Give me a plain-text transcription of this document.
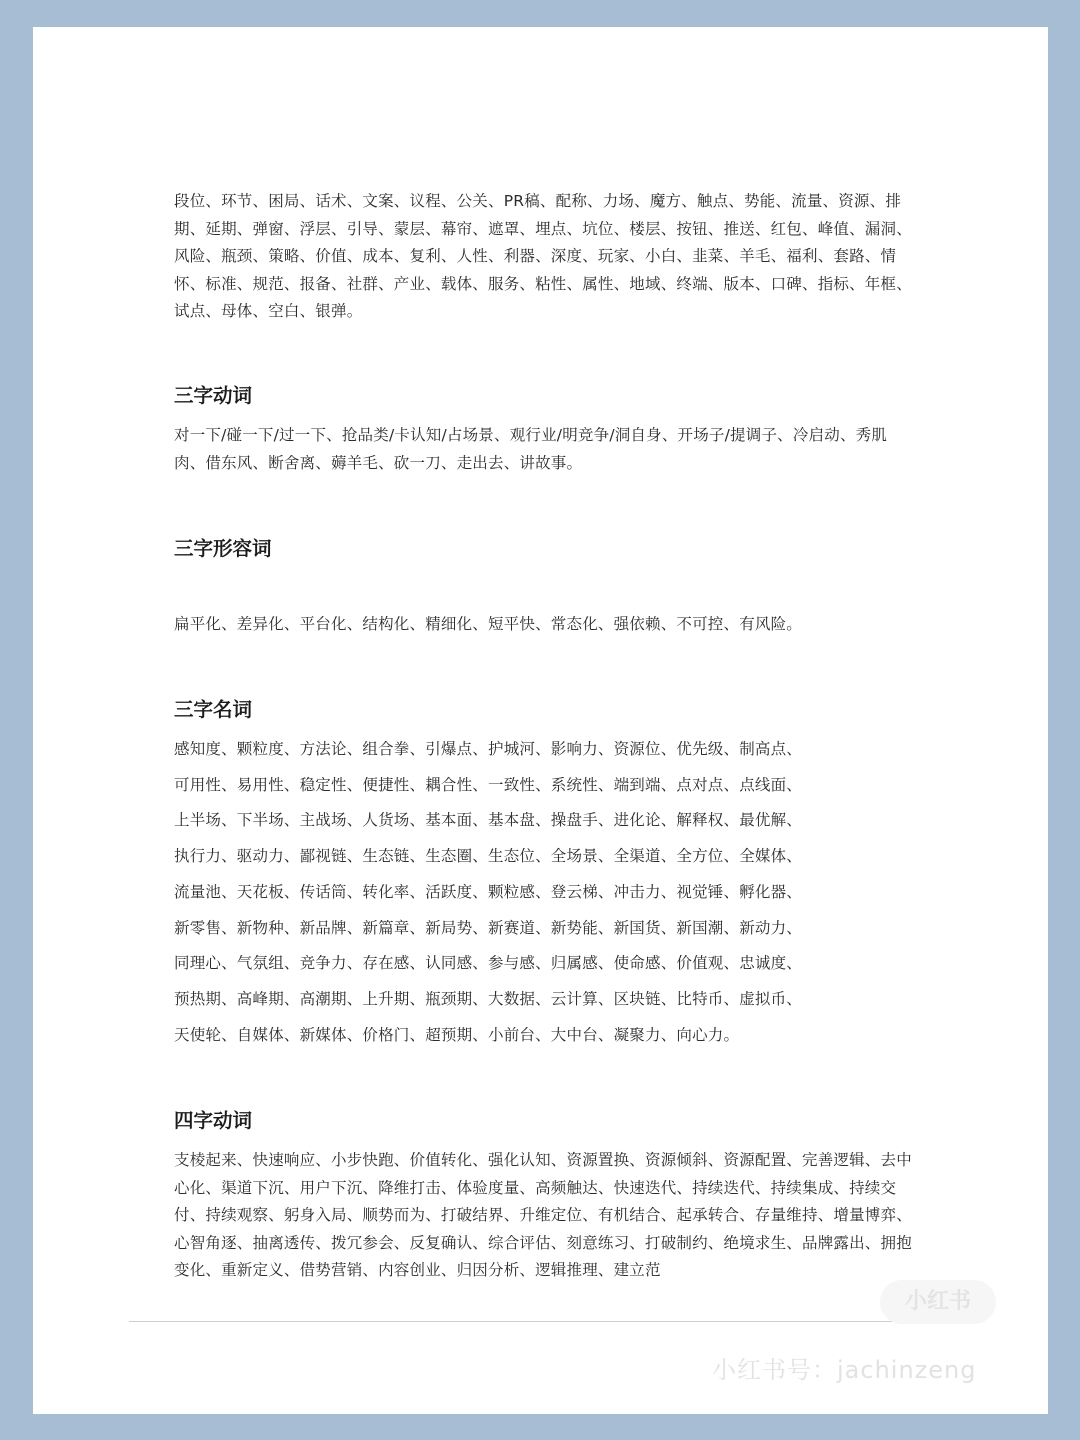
段位、环节、困局、话术、文案、议程、公关、PR稿、配称、力场、魔方、触点、势能、流量、资源、排期、延期、弹窗、浮层、引导、蒙层、幕帘、遮罩、埋点、坑位、楼层、按钮、推送、红包、峰值、漏洞、风险、瓶颈、策略、价值、成本、复利、人性、利器、深度、玩家、小白、韭菜、羊毛、福利、套路、情怀、标准、规范、报备、社群、产业、载体、服务、粘性、属性、地域、终端、版本、口碑、指标、年框、试点、母体、空白、银弹。

三字动词

对一下/碰一下/过一下、抢品类/卡认知/占场景、观行业/明竞争/洞自身、开场子/提调子、冷启动、秀肌肉、借东风、断舍离、薅羊毛、砍一刀、走出去、讲故事。

三字形容词

扁平化、差异化、平台化、结构化、精细化、短平快、常态化、强依赖、不可控、有风险。

三字名词
感知度、颗粒度、方法论、组合拳、引爆点、护城河、影响力、资源位、优先级、制高点、
可用性、易用性、稳定性、便捷性、耦合性、一致性、系统性、端到端、点对点、点线面、
上半场、下半场、主战场、人货场、基本面、基本盘、操盘手、进化论、解释权、最优解、
执行力、驱动力、鄙视链、生态链、生态圈、生态位、全场景、全渠道、全方位、全媒体、
流量池、天花板、传话筒、转化率、活跃度、颗粒感、登云梯、冲击力、视觉锤、孵化器、
新零售、新物种、新品牌、新篇章、新局势、新赛道、新势能、新国货、新国潮、新动力、
同理心、气氛组、竞争力、存在感、认同感、参与感、归属感、使命感、价值观、忠诚度、
预热期、高峰期、高潮期、上升期、瓶颈期、大数据、云计算、区块链、比特币、虚拟币、
天使轮、自媒体、新媒体、价格门、超预期、小前台、大中台、凝聚力、向心力。
四字动词

支棱起来、快速响应、小步快跑、价值转化、强化认知、资源置换、资源倾斜、资源配置、完善逻辑、去中心化、渠道下沉、用户下沉、降维打击、体验度量、高频触达、快速迭代、持续迭代、持续集成、持续交付、持续观察、躬身入局、顺势而为、打破结界、升维定位、有机结合、起承转合、存量维持、增量博弈、心智角逐、抽离透传、拨冗参会、反复确认、综合评估、刻意练习、打破制约、绝境求生、品牌露出、拥抱变化、重新定义、借势营销、内容创业、归因分析、逻辑推理、建立范

小红书
小红书号：jachinzeng
